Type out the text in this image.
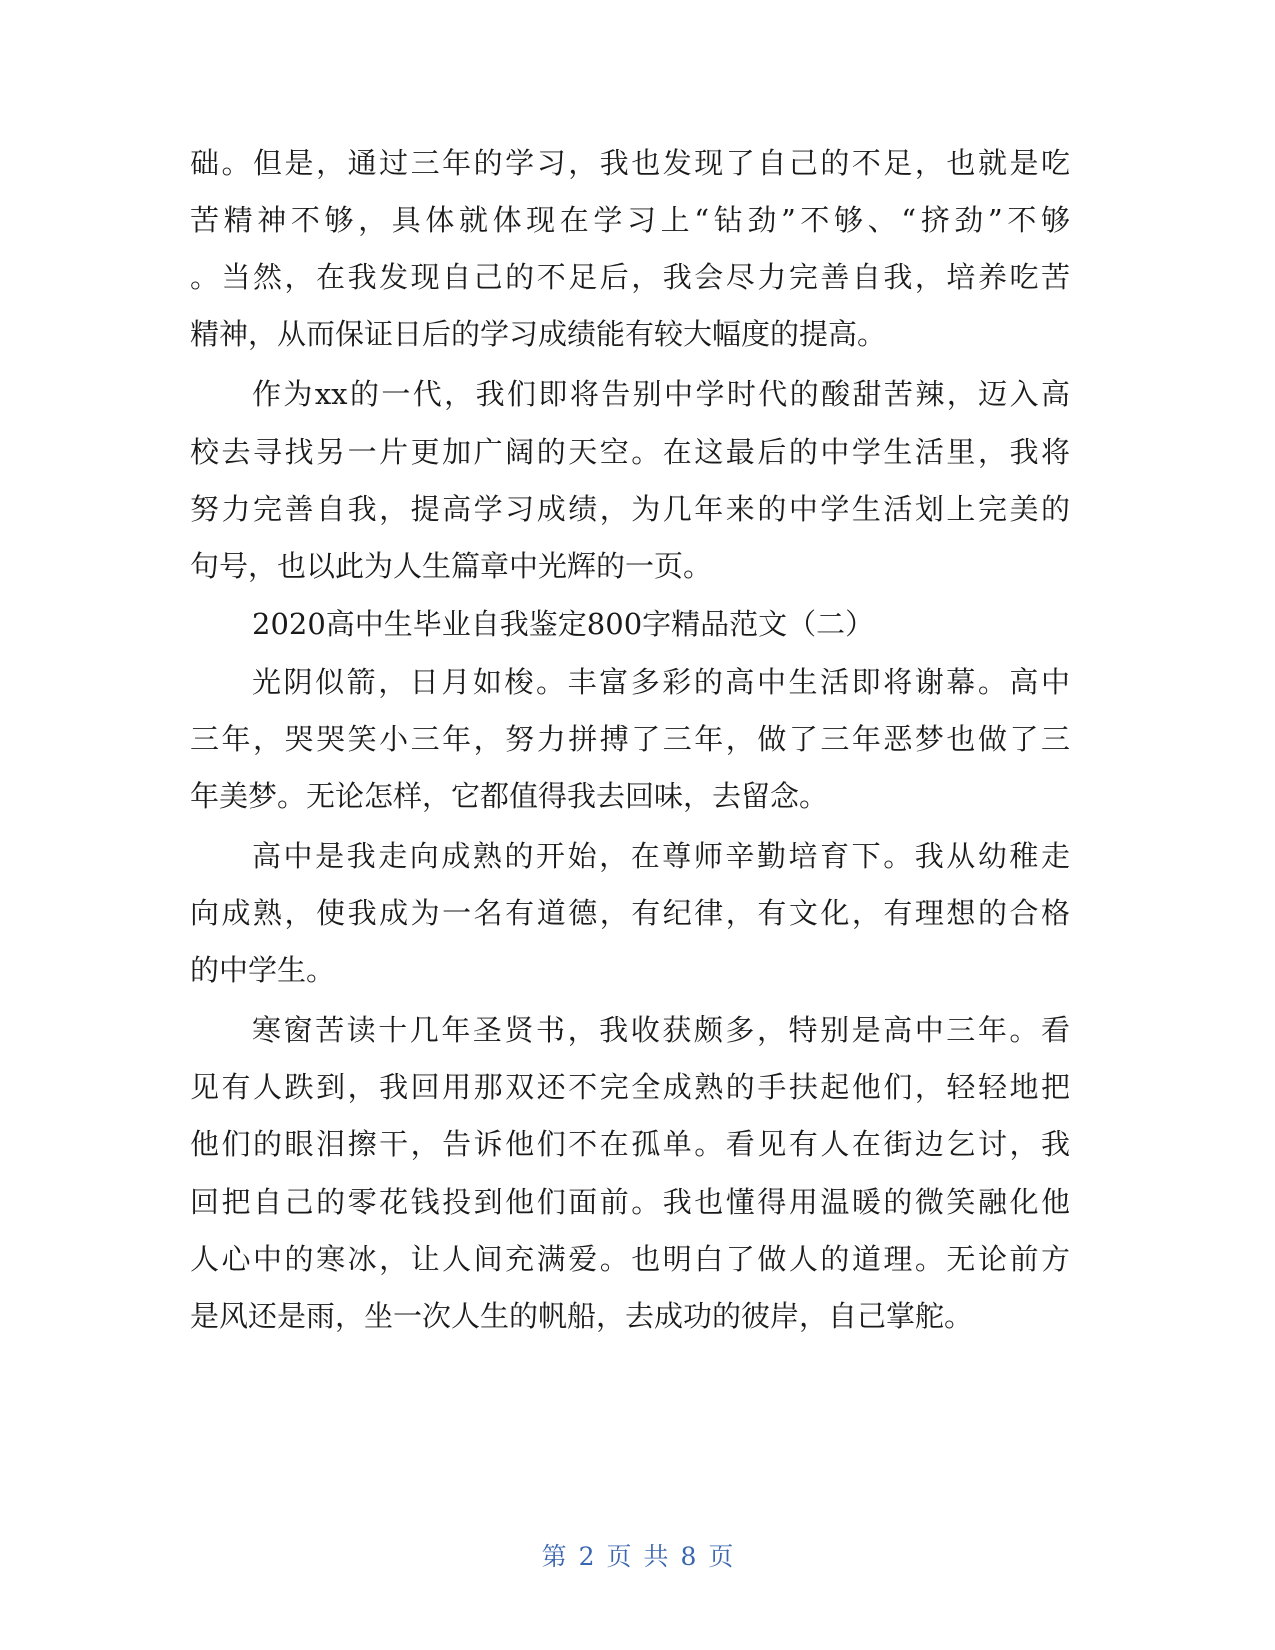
础。但是，通过三年的学习，我也发现了自己的不足，也就是吃
苦精神不够，具体就体现在学习上“钻劲”不够、“挤劲”不够
。当然，在我发现自己的不足后，我会尽力完善自我，培养吃苦
精神，从而保证日后的学习成绩能有较大幅度的提高。
作为xx的一代，我们即将告别中学时代的酸甜苦辣，迈入高
校去寻找另一片更加广阔的天空。在这最后的中学生活里，我将
努力完善自我，提高学习成绩，为几年来的中学生活划上完美的
句号，也以此为人生篇章中光辉的一页。
2020高中生毕业自我鉴定800字精品范文（二）
光阴似箭，日月如梭。丰富多彩的高中生活即将谢幕。高中
三年，哭哭笑小三年，努力拼搏了三年，做了三年恶梦也做了三
年美梦。无论怎样，它都值得我去回味，去留念。
高中是我走向成熟的开始，在尊师辛勤培育下。我从幼稚走
向成熟，使我成为一名有道德，有纪律，有文化，有理想的合格
的中学生。
寒窗苦读十几年圣贤书，我收获颇多，特别是高中三年。看
见有人跌到，我回用那双还不完全成熟的手扶起他们，轻轻地把
他们的眼泪擦干，告诉他们不在孤单。看见有人在街边乞讨，我
回把自己的零花钱投到他们面前。我也懂得用温暖的微笑融化他
人心中的寒冰，让人间充满爱。也明白了做人的道理。无论前方
是风还是雨，坐一次人生的帆船，去成功的彼岸，自己掌舵。
第 2 页 共 8 页
